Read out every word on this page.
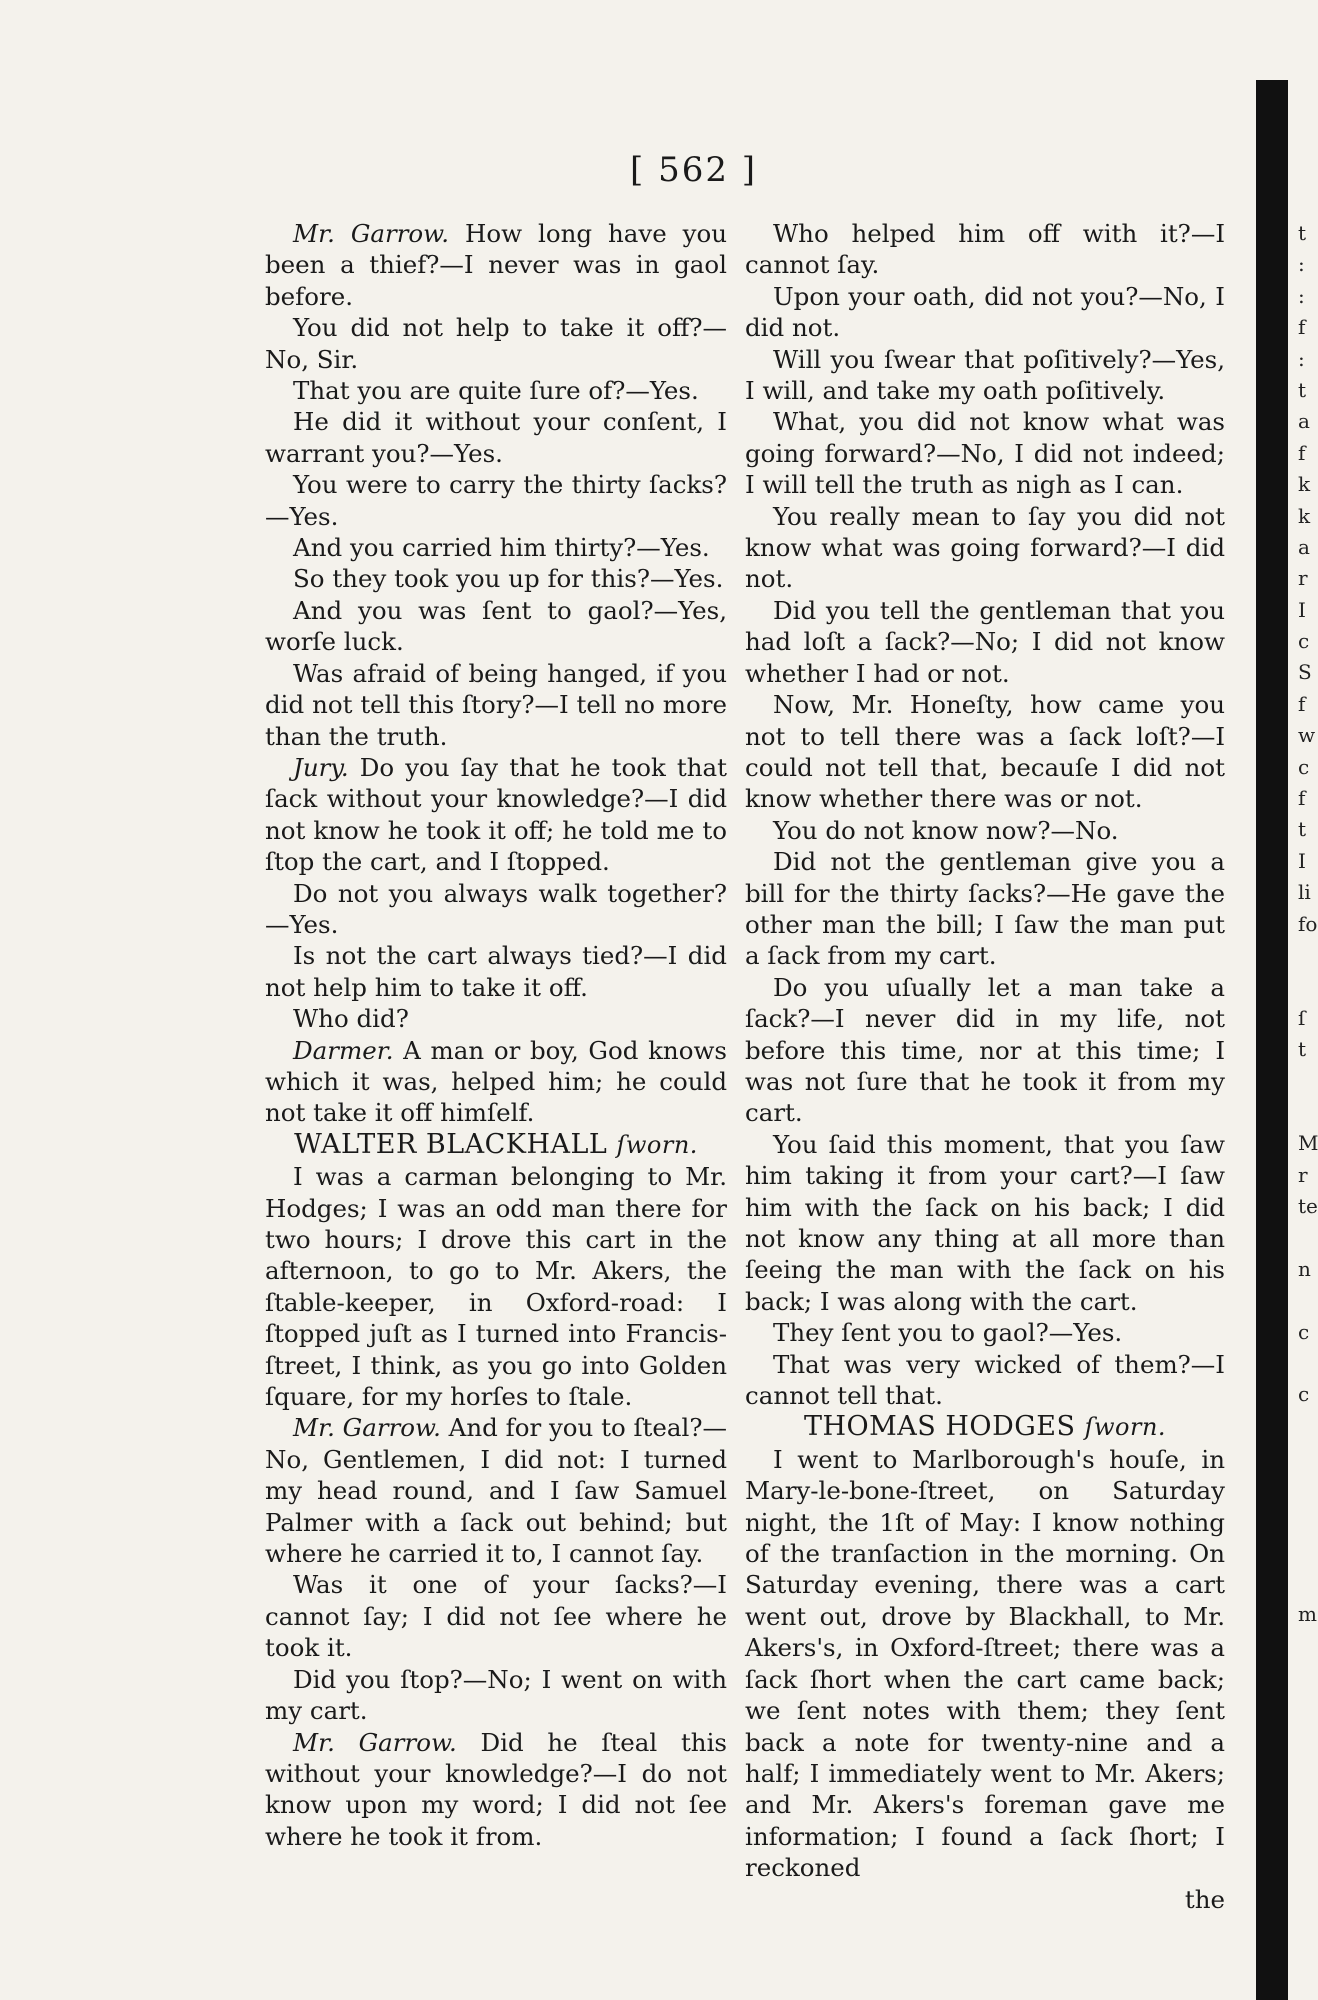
[ 562 ]

Mr. Garrow. How long have you been a thief?—I never was in gaol before.

You did not help to take it off?—No, Sir.

That you are quite ſure of?—Yes.

He did it without your conſent, I warrant you?—Yes.

You were to carry the thirty ſacks?—Yes.

And you carried him thirty?—Yes.

So they took you up for this?—Yes.

And you was ſent to gaol?—Yes, worſe luck.

Was afraid of being hanged, if you did not tell this ſtory?—I tell no more than the truth.

Jury. Do you ſay that he took that ſack without your knowledge?—I did not know he took it off; he told me to ſtop the cart, and I ſtopped.

Do not you always walk together?—Yes.

Is not the cart always tied?—I did not help him to take it off.

Who did?

Darmer. A man or boy, God knows which it was, helped him; he could not take it off himſelf.

WALTER BLACKHALL ſworn.

I was a carman belonging to Mr. Hodges; I was an odd man there for two hours; I drove this cart in the afternoon, to go to Mr. Akers, the ſtable-keeper, in Oxford-road: I ſtopped juſt as I turned into Francis-ſtreet, I think, as you go into Golden ſquare, for my horſes to ſtale.

Mr. Garrow. And for you to ſteal?—No, Gentlemen, I did not: I turned my head round, and I ſaw Samuel Palmer with a ſack out behind; but where he carried it to, I cannot ſay.

Was it one of your ſacks?—I cannot ſay; I did not ſee where he took it.

Did you ſtop?—No; I went on with my cart.

Mr. Garrow. Did he ſteal this without your knowledge?—I do not know upon my word; I did not ſee where he took it from.

Who helped him off with it?—I cannot ſay.

Upon your oath, did not you?—No, I did not.

Will you ſwear that poſitively?—Yes, I will, and take my oath poſitively.

What, you did not know what was going forward?—No, I did not indeed; I will tell the truth as nigh as I can.

You really mean to ſay you did not know what was going forward?—I did not.

Did you tell the gentleman that you had loſt a ſack?—No; I did not know whether I had or not.

Now, Mr. Honeſty, how came you not to tell there was a ſack loſt?—I could not tell that, becauſe I did not know whether there was or not.

You do not know now?—No.

Did not the gentleman give you a bill for the thirty ſacks?—He gave the other man the bill; I ſaw the man put a ſack from my cart.

Do you uſually let a man take a ſack?—I never did in my life, not before this time, nor at this time; I was not ſure that he took it from my cart.

You ſaid this moment, that you ſaw him taking it from your cart?—I ſaw him with the ſack on his back; I did not know any thing at all more than ſeeing the man with the ſack on his back; I was along with the cart.

They ſent you to gaol?—Yes.

That was very wicked of them?—I cannot tell that.

THOMAS HODGES ſworn.

I went to Marlborough's houſe, in Mary-le-bone-ſtreet, on Saturday night, the 1ſt of May: I know nothing of the tranſaction in the morning. On Saturday evening, there was a cart went out, drove by Blackhall, to Mr. Akers's, in Oxford-ſtreet; there was a ſack ſhort when the cart came back; we ſent notes with them; they ſent back a note for twenty-nine and a half; I immediately went to Mr. Akers; and Mr. Akers's foreman gave me information; I found a ſack ſhort; I reckoned

the

t
:
:
f
:
t
a
f
k
k
a
r
I
c
S
f
w
c
f
t
I
li
fo
ſ
t
M
r
te
n
c
c
m
